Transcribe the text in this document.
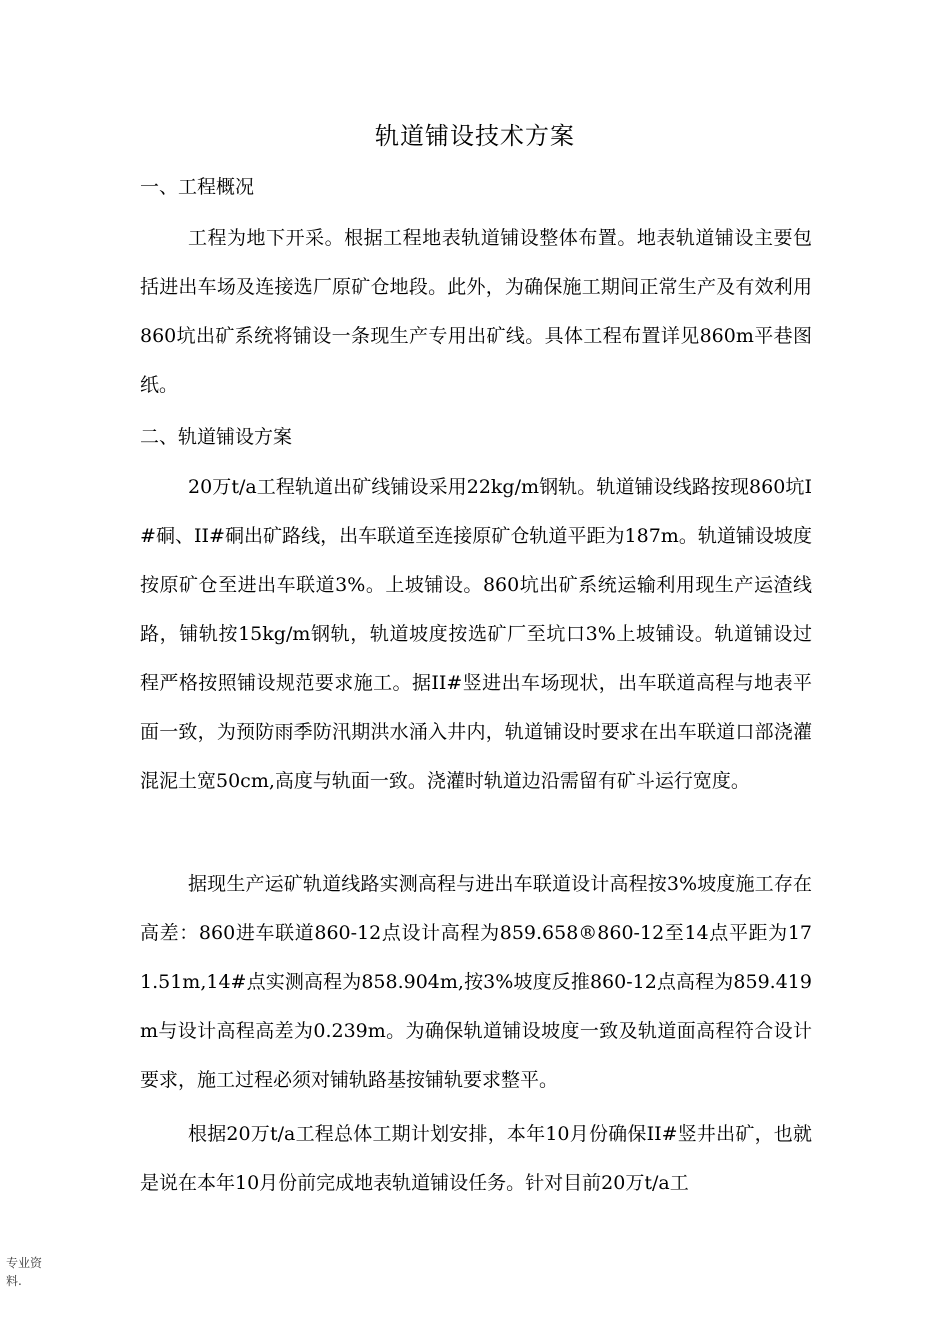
轨道铺设技术方案
一、工程概况
工程为地下开采。根据工程地表轨道铺设整体布置。地表轨道铺设主要包括进出车场及连接选厂原矿仓地段。此外，为确保施工期间正常生产及有效利用860坑出矿系统将铺设一条现生产专用出矿线。具体工程布置详见860m平巷图纸。
二、轨道铺设方案
20万t/a工程轨道出矿线铺设采用22kg/m钢轨。轨道铺设线路按现860坑Ⅰ#硐、II#硐出矿路线，出车联道至连接原矿仓轨道平距为187m。轨道铺设坡度按原矿仓至进出车联道3%。上坡铺设。860坑出矿系统运输利用现生产运渣线路，铺轨按15kg/m钢轨，轨道坡度按选矿厂至坑口3%上坡铺设。轨道铺设过程严格按照铺设规范要求施工。据II#竖进出车场现状，出车联道高程与地表平面一致，为预防雨季防汛期洪水涌入井内，轨道铺设时要求在出车联道口部浇灌混泥土宽50cm,高度与轨面一致。浇灌时轨道边沿需留有矿斗运行宽度。
据现生产运矿轨道线路实测高程与进出车联道设计高程按3%坡度施工存在高差：860进车联道860-12点设计高程为859.658®860-12至14点平距为171.51m,14#点实测高程为858.904m,按3%坡度反推860-12点高程为859.419m与设计高程高差为0.239m。为确保轨道铺设坡度一致及轨道面高程符合设计要求，施工过程必须对铺轨路基按铺轨要求整平。
根据20万t/a工程总体工期计划安排，本年10月份确保II#竖井出矿，也就是说在本年10月份前完成地表轨道铺设任务。针对目前20万t/a工
专业资
料.
